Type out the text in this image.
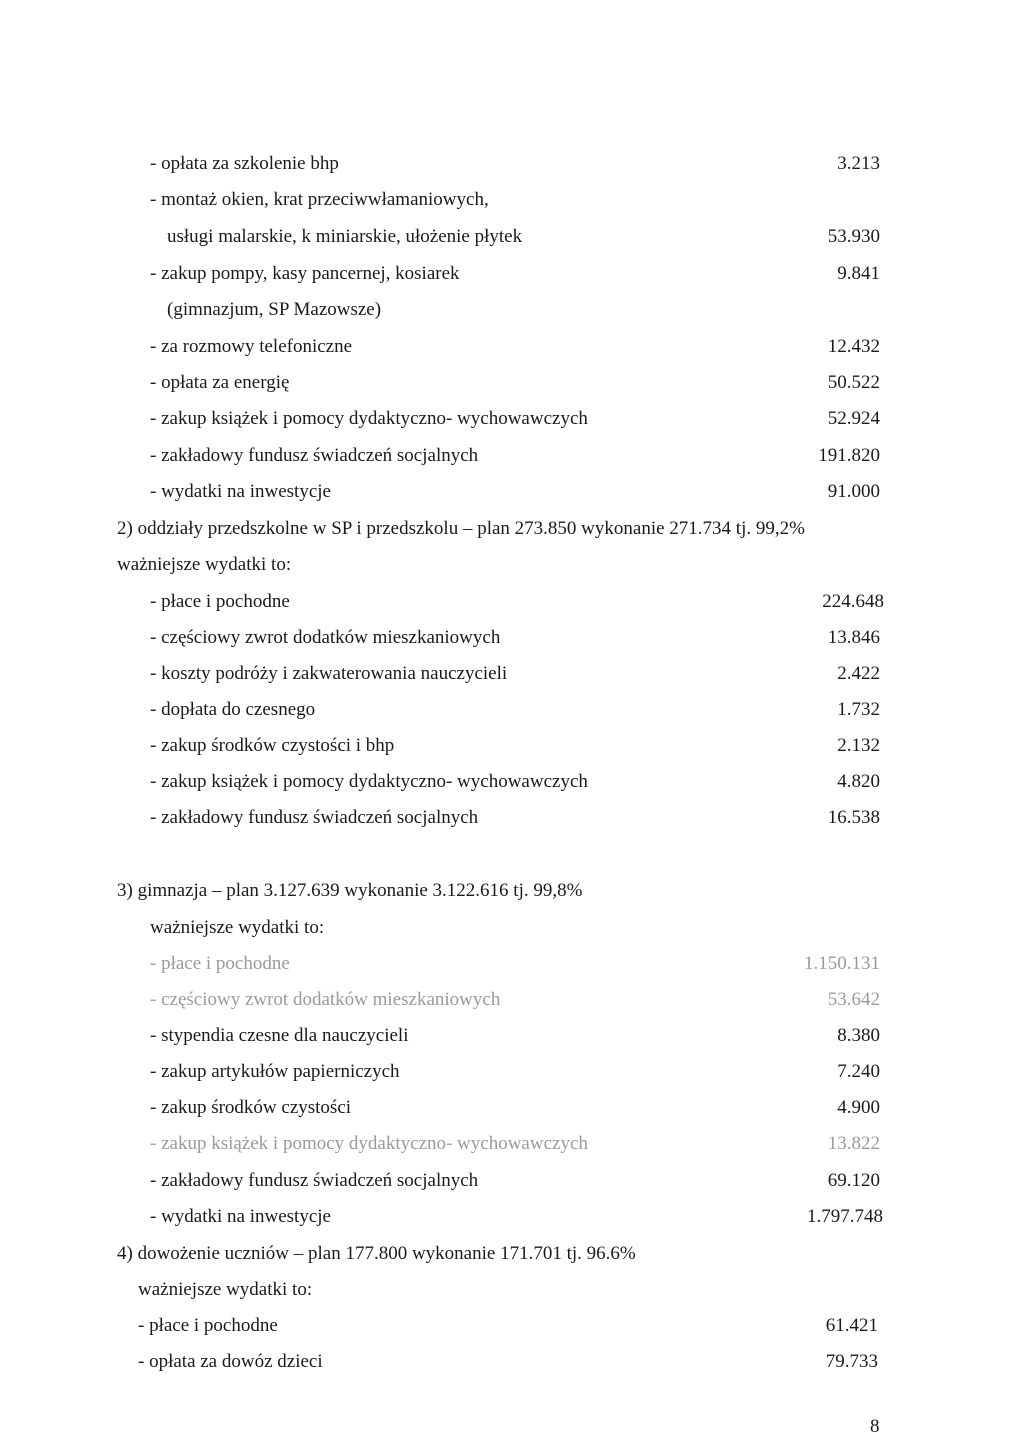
- opłata za szkolenie bhp	3.213
- montaż okien, krat przeciwwłamaniowych,
usługi malarskie, k miniarskie, ułożenie płytek	53.930
- zakup pompy, kasy pancernej, kosiarek	9.841
(gimnazjum, SP Mazowsze)
- za rozmowy telefoniczne	12.432
- opłata za energię	50.522
- zakup książek i pomocy dydaktyczno- wychowawczych	52.924
- zakładowy fundusz świadczeń socjalnych	191.820
- wydatki na inwestycje	91.000
2) oddziały przedszkolne w SP i przedszkolu – plan 273.850 wykonanie 271.734 tj. 99,2%
ważniejsze wydatki to:
- płace i pochodne	224.648
- częściowy zwrot dodatków mieszkaniowych	13.846
- koszty podróży i zakwaterowania nauczycieli	2.422
- dopłata do czesnego	1.732
- zakup środków czystości i bhp	2.132
- zakup książek i pomocy dydaktyczno- wychowawczych	4.820
- zakładowy fundusz świadczeń socjalnych	16.538
3) gimnazja – plan 3.127.639 wykonanie 3.122.616 tj. 99,8%
ważniejsze wydatki to:
- płace i pochodne	1.150.131
- częściowy zwrot dodatków mieszkaniowych	53.642
- stypendia czesne dla nauczycieli	8.380
- zakup artykułów papierniczych	7.240
- zakup środków czystości	4.900
- zakup książek i pomocy dydaktyczno- wychowawczych	13.822
- zakładowy fundusz świadczeń socjalnych	69.120
- wydatki na inwestycje	1.797.748
4) dowożenie uczniów – plan 177.800 wykonanie 171.701 tj. 96.6%
ważniejsze wydatki to:
- płace i pochodne	61.421
- opłata za dowóz dzieci	79.733
8
